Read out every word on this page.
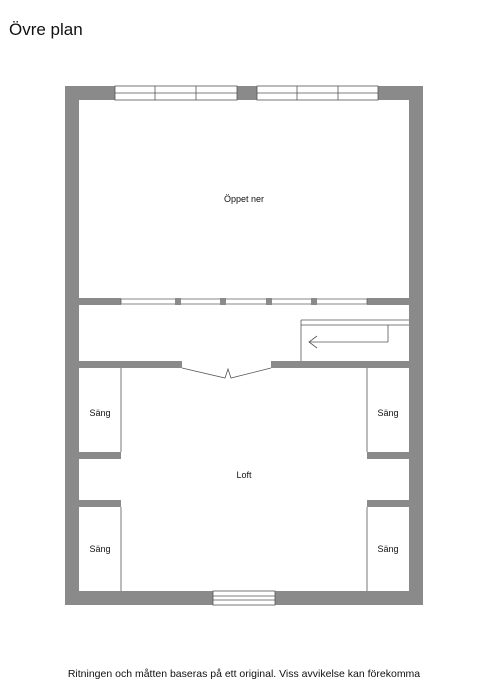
Övre plan
Öppet ner
Loft
Säng	Säng
Säng	Säng
Ritningen och måtten baseras på ett original. Viss avvikelse kan förekomma
